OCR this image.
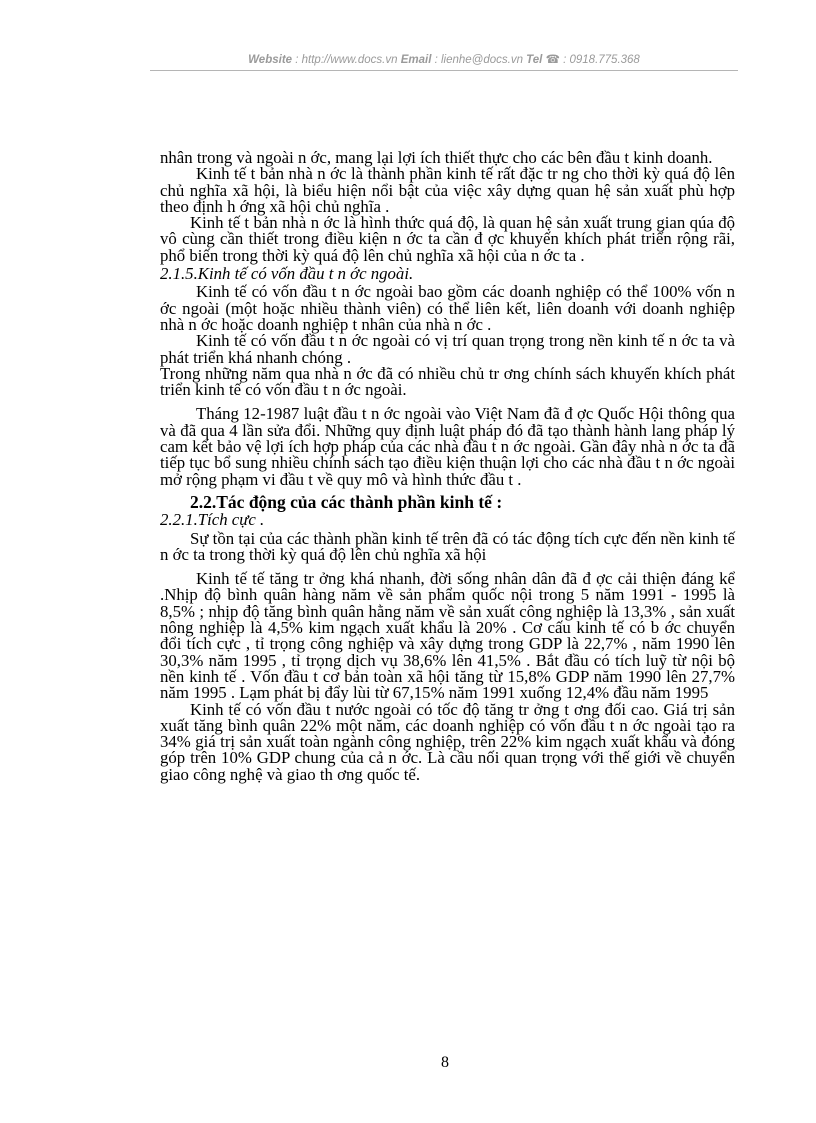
Website : http://www.docs.vn Email : lienhe@docs.vn Tel ☎ : 0918.775.368

nhân trong và ngoài n ớc, mang lại lợi ích thiết thực cho các bên đầu t kinh doanh.

Kinh tế t bản nhà n ớc là thành phần kinh tế rất đặc tr ng cho thời kỳ quá độ lên chủ nghĩa xã hội, là biểu hiện nổi bật của việc xây dựng quan hệ sản xuất phù hợp theo định h ớng xã hội chủ nghĩa .

Kinh tế t bản nhà n ớc là hình thức quá độ, là quan hệ sản xuất trung gian qúa độ vô cùng cần thiết trong điều kiện n ớc ta cần đ ợc khuyến khích phát triển rộng rãi, phổ biến trong thời kỳ quá độ lên chủ nghĩa xã hội của n ớc ta .

2.1.5.Kinh tế có vốn đầu t n ớc ngoài.

Kinh tế có vốn đầu t n ớc ngoài bao gồm các doanh nghiệp có thể 100% vốn n ớc ngoài (một hoặc nhiều thành viên) có thể liên kết, liên doanh với doanh nghiệp nhà n ớc hoặc doanh nghiệp t nhân của nhà n ớc .

Kinh tế có vốn đầu t n ớc ngoài có vị trí quan trọng trong nền kinh tế n ớc ta và phát triển khá nhanh chóng .

Trong những năm qua nhà n ớc đã có nhiều chủ tr ơng chính sách khuyến khích phát triển kinh tế có vốn đầu t n ớc ngoài.

Tháng 12-1987 luật đầu t n ớc ngoài vào Việt Nam đã đ ợc Quốc Hội thông qua và đã qua 4 lần sửa đổi. Những quy định luật pháp đó đã tạo thành hành lang pháp lý cam kết bảo vệ lợi ích hợp pháp của các nhà đầu t n ớc ngoài. Gần đây nhà n ớc ta đã tiếp tục bổ sung nhiều chính sách tạo điều kiện thuận lợi cho các nhà đầu t n ớc ngoài mở rộng phạm vi đầu t về quy mô và hình thức đầu t .

2.2.Tác động của các thành phần kinh tế :

2.2.1.Tích cực .

Sự tồn tại của các thành phần kinh tế trên đã có tác động tích cực đến nền kinh tế n ớc ta trong thời kỳ quá độ lên chủ nghĩa xã hội

Kinh tế tế tăng tr ởng khá nhanh, đời sống nhân dân đã đ ợc cải thiện đáng kể .Nhịp độ bình quân hàng năm về sản phẩm quốc nội trong 5 năm 1991 - 1995 là 8,5% ; nhịp độ tăng bình quân hằng năm về sản xuất công nghiệp là 13,3% , sản xuất nông nghiệp là 4,5% kim ngạch xuất khẩu là 20% . Cơ cấu kinh tế có b ớc chuyển đổi tích cực , tỉ trọng công nghiệp và xây dựng trong GDP là 22,7% , năm 1990 lên 30,3% năm 1995 , tỉ trọng dịch vụ 38,6% lên 41,5% . Bắt đầu có tích luỹ từ nội bộ nền kinh tế . Vốn đầu t cơ bản toàn xã hội tăng từ 15,8% GDP năm 1990 lên 27,7% năm 1995 . Lạm phát bị đẩy lùi từ 67,15% năm 1991 xuống 12,4% đầu năm 1995

Kinh tế có vốn đầu t nước ngoài có tốc độ tăng tr ởng t ơng đối cao. Giá trị sản xuất tăng bình quân 22% một năm, các doanh nghiệp có vốn đầu t n ớc ngoài tạo ra 34% giá trị sản xuất toàn ngành công nghiệp, trên 22% kim ngạch xuất khẩu và đóng góp trên 10% GDP chung của cả n ớc. Là cầu nối quan trọng với thế giới về chuyển giao công nghệ và giao th ơng quốc tế.

8
